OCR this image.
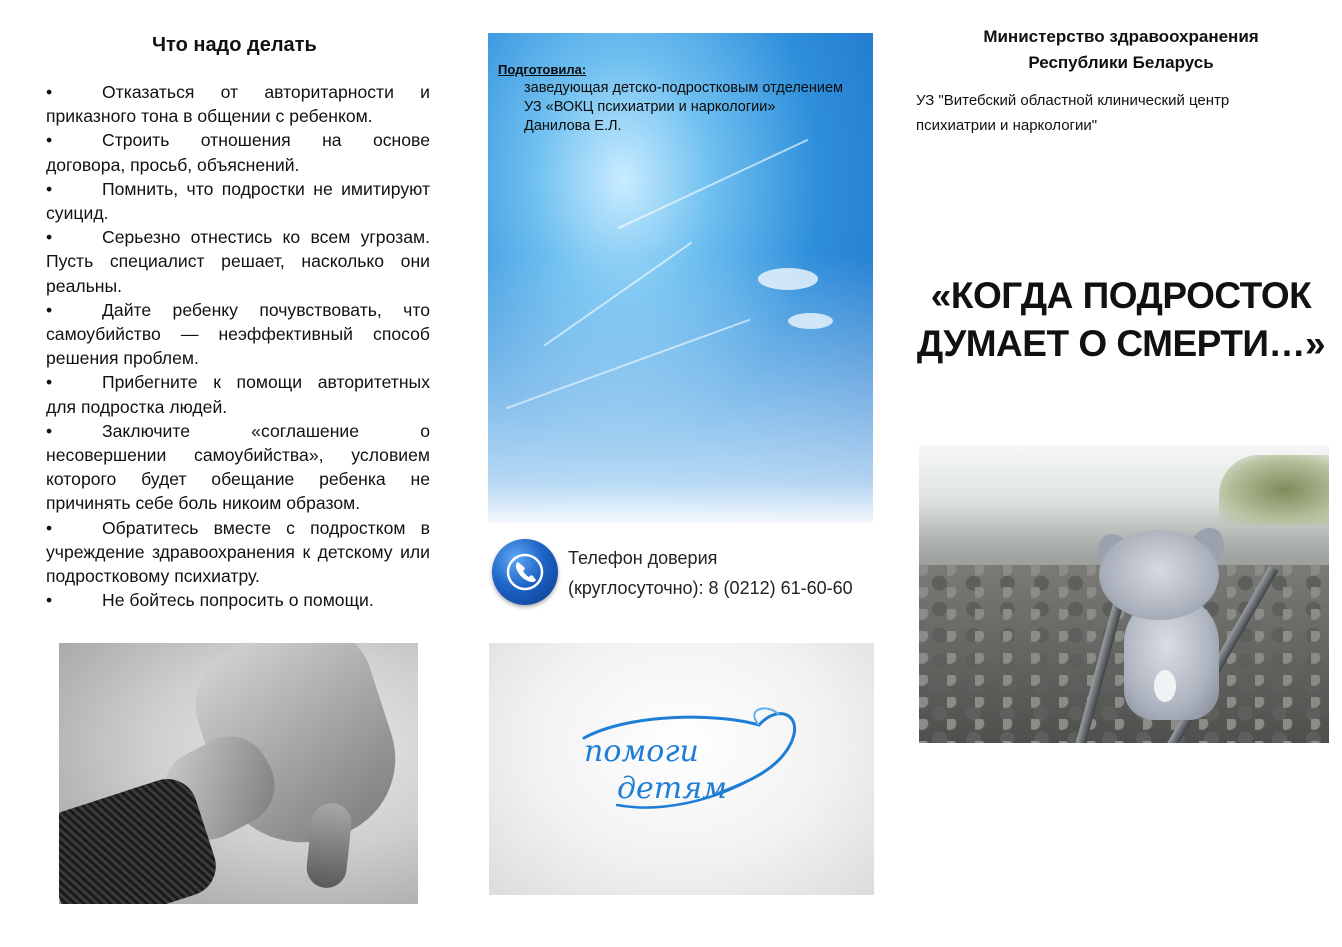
Что надо делать

•	Отказаться от авторитарности и приказного тона в общении с ребенком.

•	Строить отношения на основе договора, просьб, объяснений.

•	Помнить, что подростки не имитируют суицид.

•	Серьезно отнестись ко всем угрозам. Пусть специалист решает, насколько они реальны.

•	Дайте ребенку почувствовать, что самоубийство — неэффективный способ решения проблем.

•	Прибегните к помощи авторитетных для подростка людей.

•	Заключите «соглашение о несовершении самоубийства», условием которого будет обещание ребенка не причинять себе боль никоим образом.

•	Обратитесь вместе с подростком в учреждение здравоохранения к детскому или подростковому психиатру.

•	Не бойтесь попросить о помощи.

Подготовила:
заведующая детско-подростковым отделением
УЗ «ВОКЦ психиатрии и наркологии»
Данилова Е.Л.
Телефон доверия
(круглосуточно): 8 (0212) 61-60-60
помоги
детям
Министерство здравоохранения
Республики Беларусь
УЗ "Витебский областной клинический центр
психиатрии и наркологии"
«КОГДА ПОДРОСТОК
ДУМАЕТ О СМЕРТИ…»
